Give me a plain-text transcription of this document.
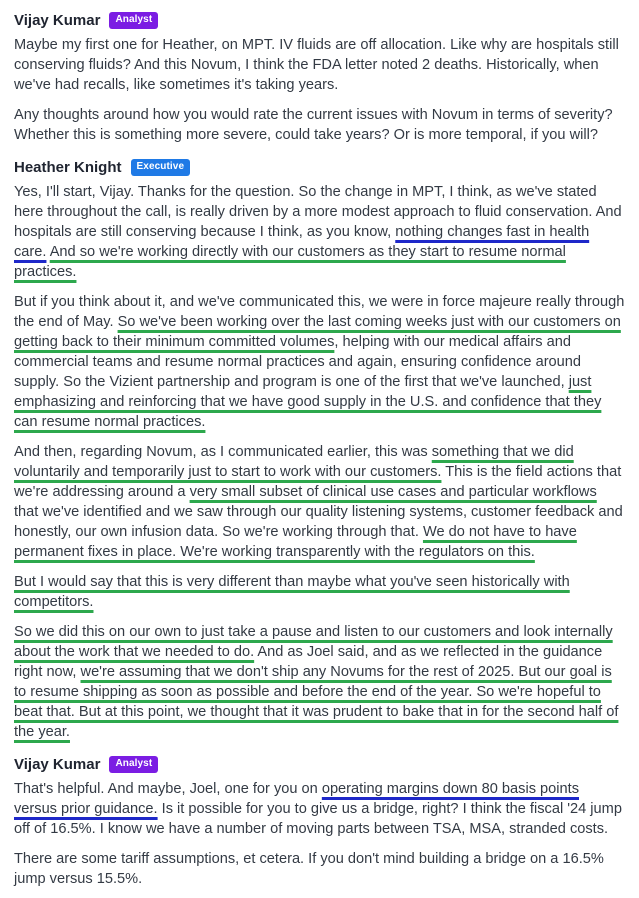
Vijay Kumar	Analyst

Maybe my first one for Heather, on MPT. IV fluids are off allocation. Like why are hospitals still conserving fluids? And this Novum, I think the FDA letter noted 2 deaths. Historically, when we've had recalls, like sometimes it's taking years.

Any thoughts around how you would rate the current issues with Novum in terms of severity? Whether this is something more severe, could take years? Or is more temporal, if you will?

Heather Knight	Executive

Yes, I'll start, Vijay. Thanks for the question. So the change in MPT, I think, as we've stated here throughout the call, is really driven by a more modest approach to fluid conservation. And hospitals are still conserving because I think, as you know, nothing changes fast in health care. And so we're working directly with our customers as they start to resume normal practices.

But if you think about it, and we've communicated this, we were in force majeure really through the end of May. So we've been working over the last coming weeks just with our customers on getting back to their minimum committed volumes, helping with our medical affairs and commercial teams and resume normal practices and again, ensuring confidence around supply. So the Vizient partnership and program is one of the first that we've launched, just emphasizing and reinforcing that we have good supply in the U.S. and confidence that they can resume normal practices.

And then, regarding Novum, as I communicated earlier, this was something that we did voluntarily and temporarily just to start to work with our customers. This is the field actions that we're addressing around a very small subset of clinical use cases and particular workflows that we've identified and we saw through our quality listening systems, customer feedback and honestly, our own infusion data. So we're working through that. We do not have to have permanent fixes in place. We're working transparently with the regulators on this.

But I would say that this is very different than maybe what you've seen historically with competitors.

So we did this on our own to just take a pause and listen to our customers and look internally about the work that we needed to do. And as Joel said, and as we reflected in the guidance right now, we're assuming that we don't ship any Novums for the rest of 2025. But our goal is to resume shipping as soon as possible and before the end of the year. So we're hopeful to beat that. But at this point, we thought that it was prudent to bake that in for the second half of the year.

Vijay Kumar	Analyst

That's helpful. And maybe, Joel, one for you on operating margins down 80 basis points versus prior guidance. Is it possible for you to give us a bridge, right? I think the fiscal '24 jump off of 16.5%. I know we have a number of moving parts between TSA, MSA, stranded costs.

There are some tariff assumptions, et cetera. If you don't mind building a bridge on a 16.5% jump versus 15.5%.
